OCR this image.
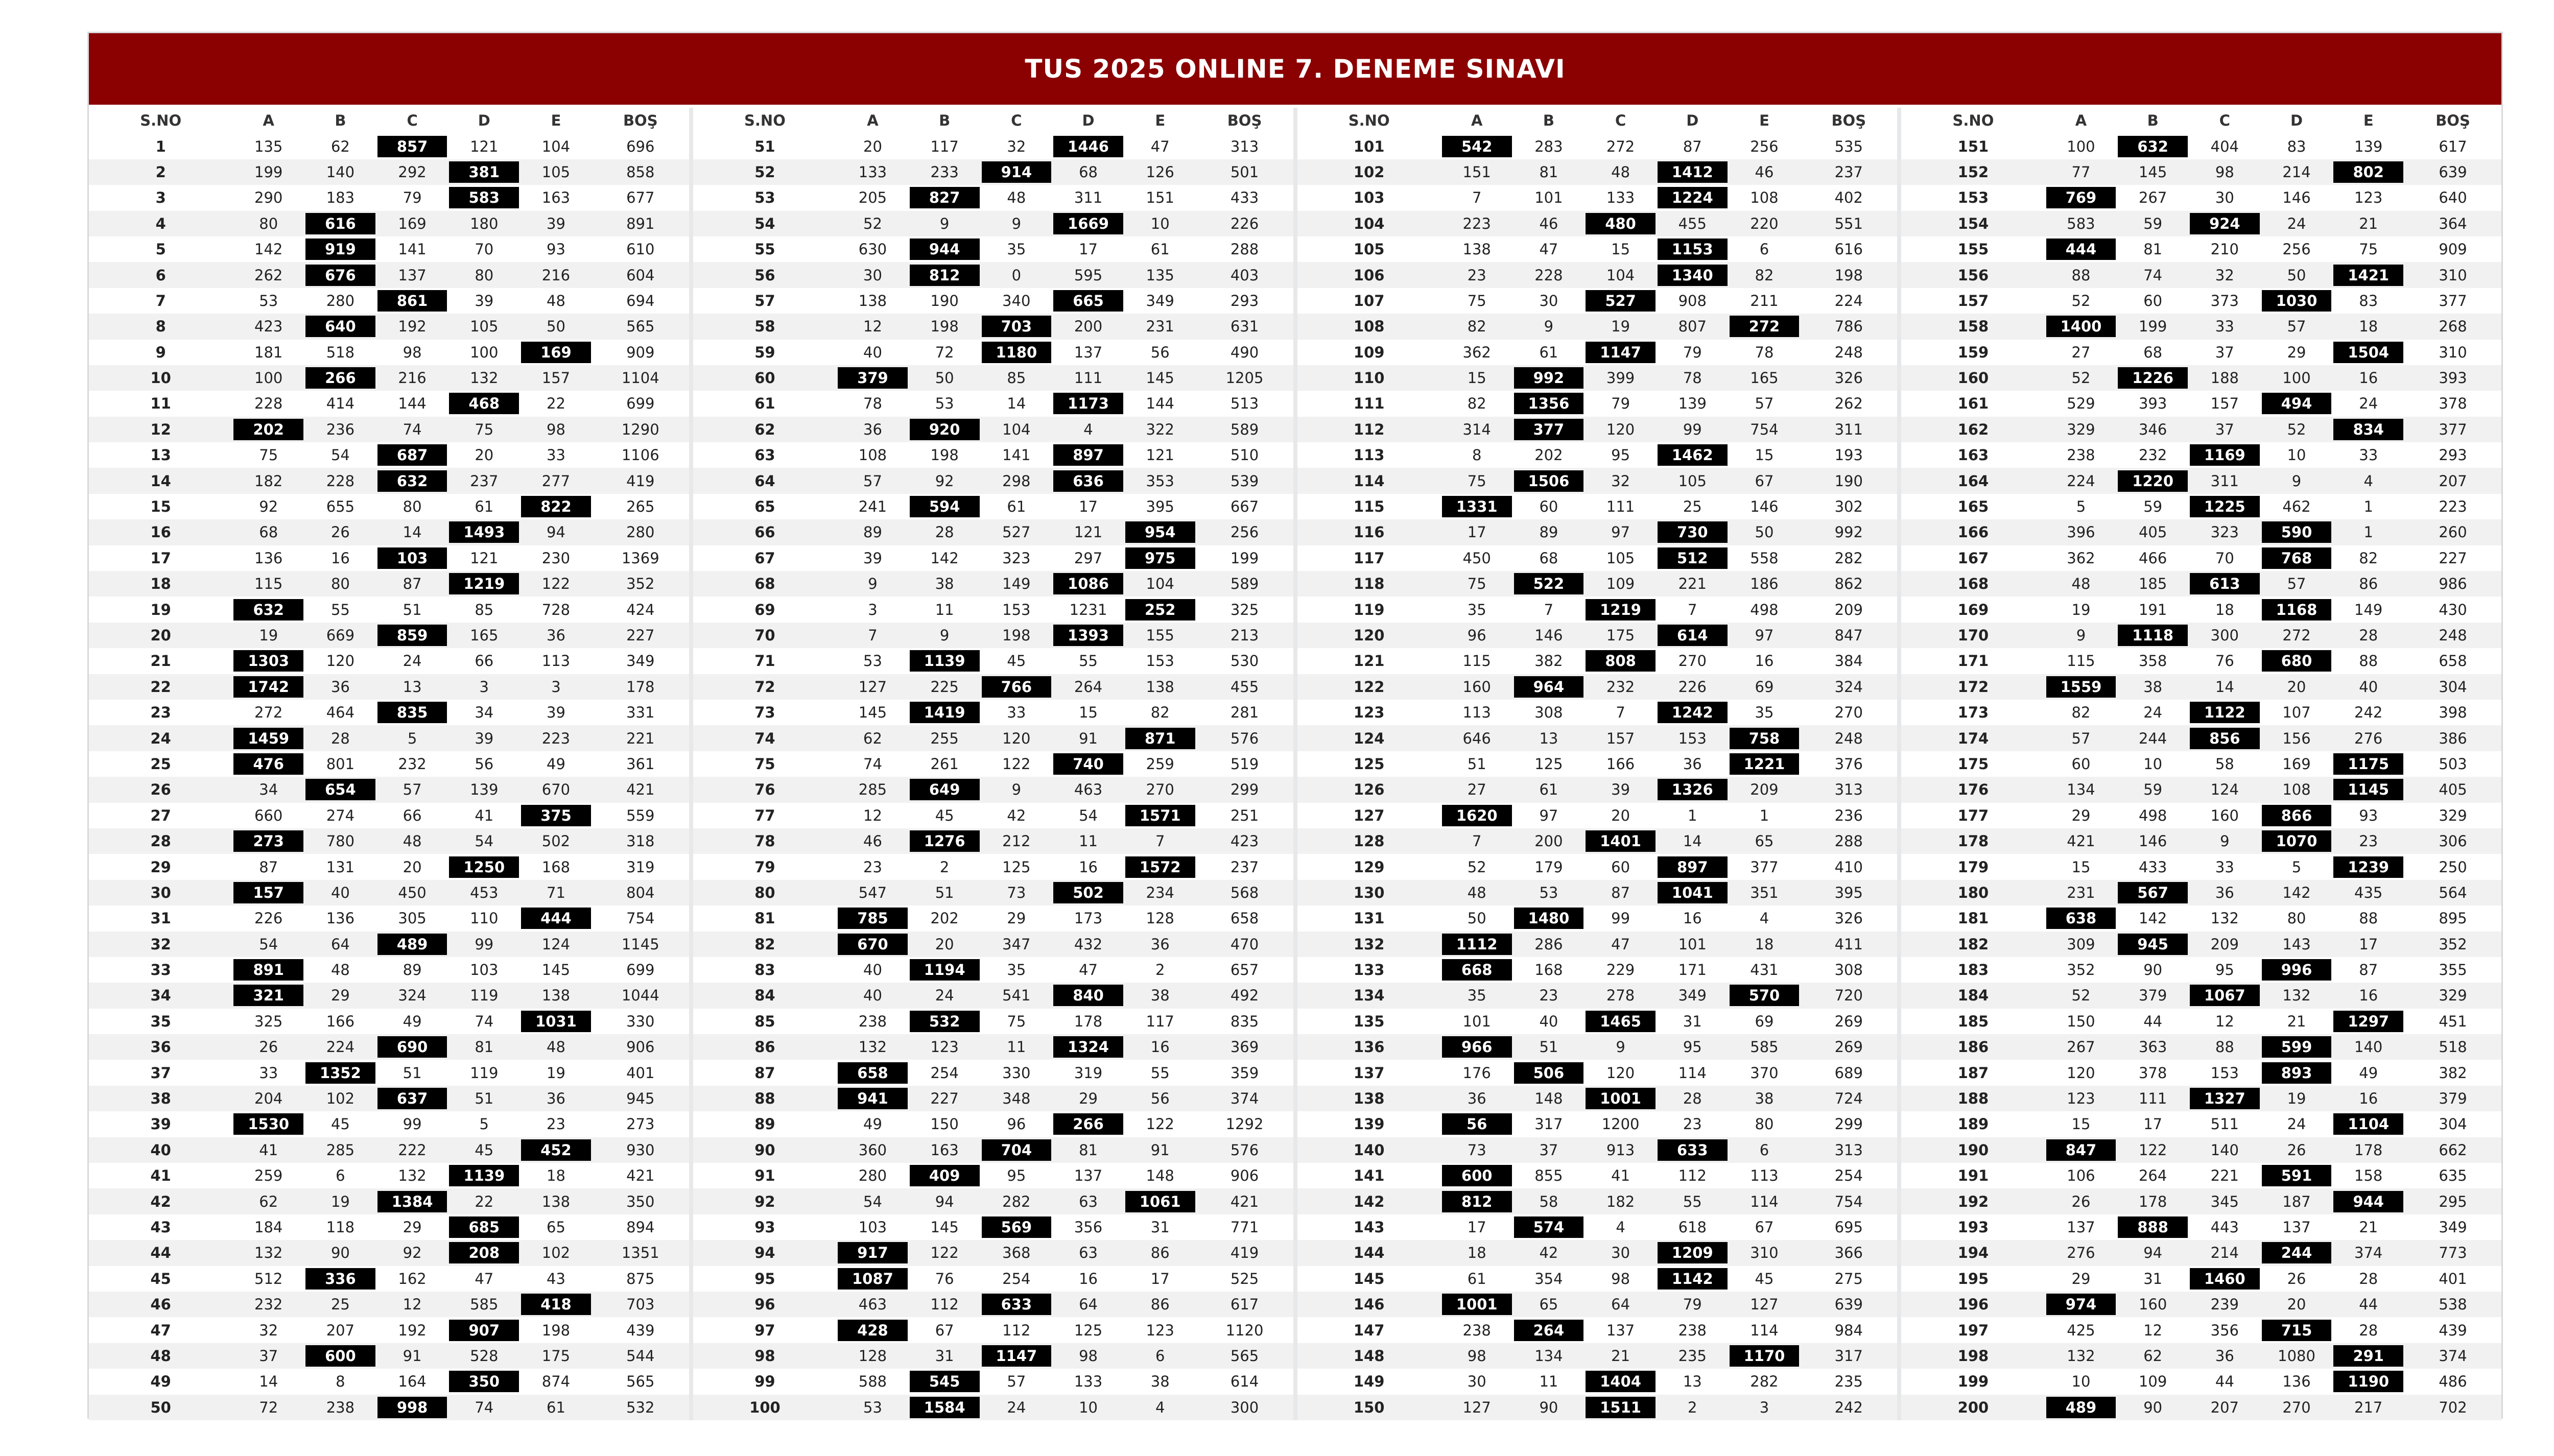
TUS 2025 ONLINE 7. DENEME SINAVI
S.NO	A	B	C	D	E	BOŞ
1	135	62	857	121	104	696
2	199	140	292	381	105	858
3	290	183	79	583	163	677
4	80	616	169	180	39	891
5	142	919	141	70	93	610
6	262	676	137	80	216	604
7	53	280	861	39	48	694
8	423	640	192	105	50	565
9	181	518	98	100	169	909
10	100	266	216	132	157	1104
11	228	414	144	468	22	699
12	202	236	74	75	98	1290
13	75	54	687	20	33	1106
14	182	228	632	237	277	419
15	92	655	80	61	822	265
16	68	26	14	1493	94	280
17	136	16	103	121	230	1369
18	115	80	87	1219	122	352
19	632	55	51	85	728	424
20	19	669	859	165	36	227
21	1303	120	24	66	113	349
22	1742	36	13	3	3	178
23	272	464	835	34	39	331
24	1459	28	5	39	223	221
25	476	801	232	56	49	361
26	34	654	57	139	670	421
27	660	274	66	41	375	559
28	273	780	48	54	502	318
29	87	131	20	1250	168	319
30	157	40	450	453	71	804
31	226	136	305	110	444	754
32	54	64	489	99	124	1145
33	891	48	89	103	145	699
34	321	29	324	119	138	1044
35	325	166	49	74	1031	330
36	26	224	690	81	48	906
37	33	1352	51	119	19	401
38	204	102	637	51	36	945
39	1530	45	99	5	23	273
40	41	285	222	45	452	930
41	259	6	132	1139	18	421
42	62	19	1384	22	138	350
43	184	118	29	685	65	894
44	132	90	92	208	102	1351
45	512	336	162	47	43	875
46	232	25	12	585	418	703
47	32	207	192	907	198	439
48	37	600	91	528	175	544
49	14	8	164	350	874	565
50	72	238	998	74	61	532
S.NO	A	B	C	D	E	BOŞ
51	20	117	32	1446	47	313
52	133	233	914	68	126	501
53	205	827	48	311	151	433
54	52	9	9	1669	10	226
55	630	944	35	17	61	288
56	30	812	0	595	135	403
57	138	190	340	665	349	293
58	12	198	703	200	231	631
59	40	72	1180	137	56	490
60	379	50	85	111	145	1205
61	78	53	14	1173	144	513
62	36	920	104	4	322	589
63	108	198	141	897	121	510
64	57	92	298	636	353	539
65	241	594	61	17	395	667
66	89	28	527	121	954	256
67	39	142	323	297	975	199
68	9	38	149	1086	104	589
69	3	11	153	1231	252	325
70	7	9	198	1393	155	213
71	53	1139	45	55	153	530
72	127	225	766	264	138	455
73	145	1419	33	15	82	281
74	62	255	120	91	871	576
75	74	261	122	740	259	519
76	285	649	9	463	270	299
77	12	45	42	54	1571	251
78	46	1276	212	11	7	423
79	23	2	125	16	1572	237
80	547	51	73	502	234	568
81	785	202	29	173	128	658
82	670	20	347	432	36	470
83	40	1194	35	47	2	657
84	40	24	541	840	38	492
85	238	532	75	178	117	835
86	132	123	11	1324	16	369
87	658	254	330	319	55	359
88	941	227	348	29	56	374
89	49	150	96	266	122	1292
90	360	163	704	81	91	576
91	280	409	95	137	148	906
92	54	94	282	63	1061	421
93	103	145	569	356	31	771
94	917	122	368	63	86	419
95	1087	76	254	16	17	525
96	463	112	633	64	86	617
97	428	67	112	125	123	1120
98	128	31	1147	98	6	565
99	588	545	57	133	38	614
100	53	1584	24	10	4	300
S.NO	A	B	C	D	E	BOŞ
101	542	283	272	87	256	535
102	151	81	48	1412	46	237
103	7	101	133	1224	108	402
104	223	46	480	455	220	551
105	138	47	15	1153	6	616
106	23	228	104	1340	82	198
107	75	30	527	908	211	224
108	82	9	19	807	272	786
109	362	61	1147	79	78	248
110	15	992	399	78	165	326
111	82	1356	79	139	57	262
112	314	377	120	99	754	311
113	8	202	95	1462	15	193
114	75	1506	32	105	67	190
115	1331	60	111	25	146	302
116	17	89	97	730	50	992
117	450	68	105	512	558	282
118	75	522	109	221	186	862
119	35	7	1219	7	498	209
120	96	146	175	614	97	847
121	115	382	808	270	16	384
122	160	964	232	226	69	324
123	113	308	7	1242	35	270
124	646	13	157	153	758	248
125	51	125	166	36	1221	376
126	27	61	39	1326	209	313
127	1620	97	20	1	1	236
128	7	200	1401	14	65	288
129	52	179	60	897	377	410
130	48	53	87	1041	351	395
131	50	1480	99	16	4	326
132	1112	286	47	101	18	411
133	668	168	229	171	431	308
134	35	23	278	349	570	720
135	101	40	1465	31	69	269
136	966	51	9	95	585	269
137	176	506	120	114	370	689
138	36	148	1001	28	38	724
139	56	317	1200	23	80	299
140	73	37	913	633	6	313
141	600	855	41	112	113	254
142	812	58	182	55	114	754
143	17	574	4	618	67	695
144	18	42	30	1209	310	366
145	61	354	98	1142	45	275
146	1001	65	64	79	127	639
147	238	264	137	238	114	984
148	98	134	21	235	1170	317
149	30	11	1404	13	282	235
150	127	90	1511	2	3	242
S.NO	A	B	C	D	E	BOŞ
151	100	632	404	83	139	617
152	77	145	98	214	802	639
153	769	267	30	146	123	640
154	583	59	924	24	21	364
155	444	81	210	256	75	909
156	88	74	32	50	1421	310
157	52	60	373	1030	83	377
158	1400	199	33	57	18	268
159	27	68	37	29	1504	310
160	52	1226	188	100	16	393
161	529	393	157	494	24	378
162	329	346	37	52	834	377
163	238	232	1169	10	33	293
164	224	1220	311	9	4	207
165	5	59	1225	462	1	223
166	396	405	323	590	1	260
167	362	466	70	768	82	227
168	48	185	613	57	86	986
169	19	191	18	1168	149	430
170	9	1118	300	272	28	248
171	115	358	76	680	88	658
172	1559	38	14	20	40	304
173	82	24	1122	107	242	398
174	57	244	856	156	276	386
175	60	10	58	169	1175	503
176	134	59	124	108	1145	405
177	29	498	160	866	93	329
178	421	146	9	1070	23	306
179	15	433	33	5	1239	250
180	231	567	36	142	435	564
181	638	142	132	80	88	895
182	309	945	209	143	17	352
183	352	90	95	996	87	355
184	52	379	1067	132	16	329
185	150	44	12	21	1297	451
186	267	363	88	599	140	518
187	120	378	153	893	49	382
188	123	111	1327	19	16	379
189	15	17	511	24	1104	304
190	847	122	140	26	178	662
191	106	264	221	591	158	635
192	26	178	345	187	944	295
193	137	888	443	137	21	349
194	276	94	214	244	374	773
195	29	31	1460	26	28	401
196	974	160	239	20	44	538
197	425	12	356	715	28	439
198	132	62	36	1080	291	374
199	10	109	44	136	1190	486
200	489	90	207	270	217	702
